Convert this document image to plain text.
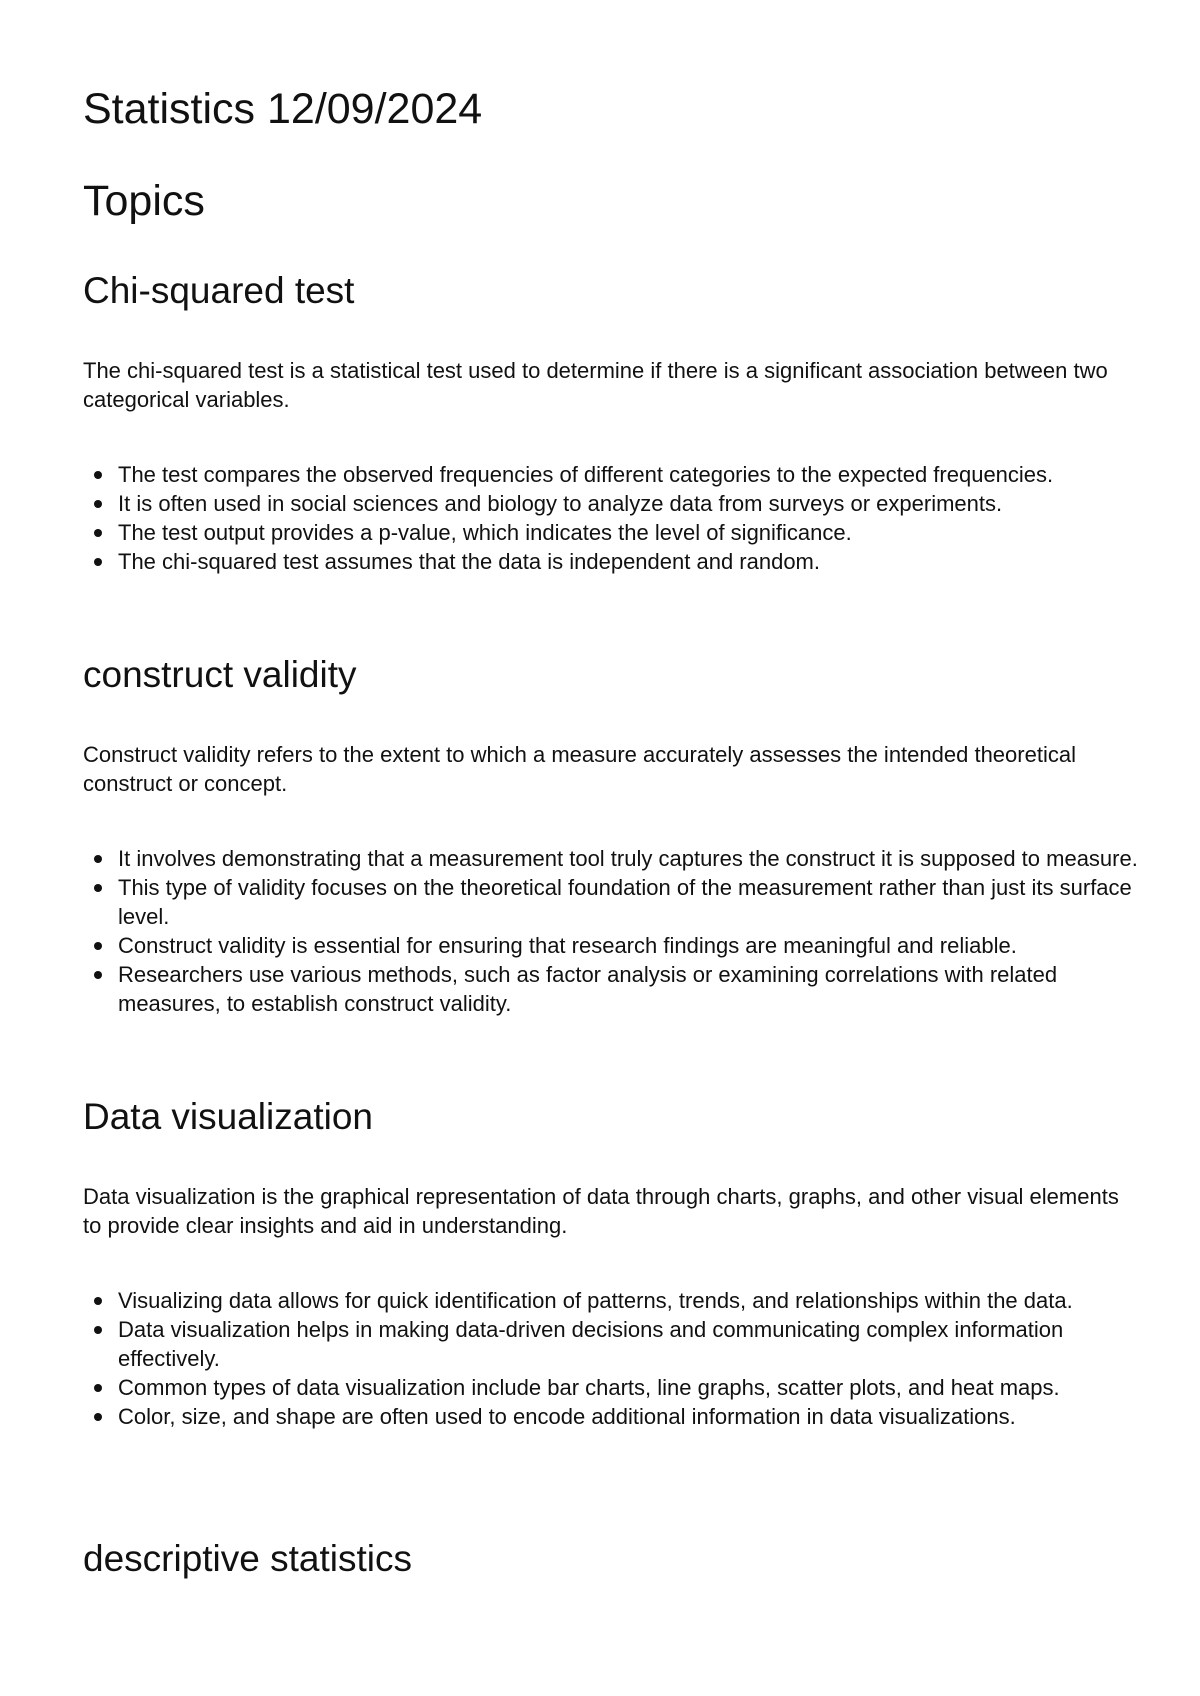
Statistics 12/09/2024
Topics
Chi-squared test

The chi-squared test is a statistical test used to determine if there is a significant association between two categorical variables.

The test compares the observed frequencies of different categories to the expected frequencies.
It is often used in social sciences and biology to analyze data from surveys or experiments.
The test output provides a p-value, which indicates the level of significance.
The chi-squared test assumes that the data is independent and random.
construct validity

Construct validity refers to the extent to which a measure accurately assesses the intended theoretical construct or concept.

It involves demonstrating that a measurement tool truly captures the construct it is supposed to measure.
This type of validity focuses on the theoretical foundation of the measurement rather than just its surface level.
Construct validity is essential for ensuring that research findings are meaningful and reliable.
Researchers use various methods, such as factor analysis or examining correlations with related measures, to establish construct validity.
Data visualization

Data visualization is the graphical representation of data through charts, graphs, and other visual elements to provide clear insights and aid in understanding.

Visualizing data allows for quick identification of patterns, trends, and relationships within the data.
Data visualization helps in making data-driven decisions and communicating complex information effectively.
Common types of data visualization include bar charts, line graphs, scatter plots, and heat maps.
Color, size, and shape are often used to encode additional information in data visualizations.
descriptive statistics
